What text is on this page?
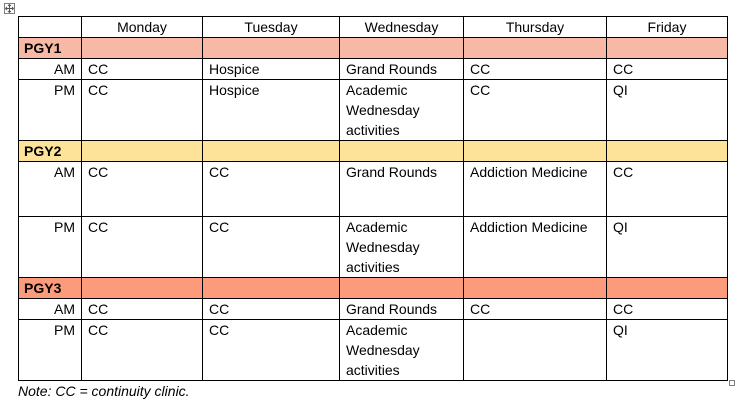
	Monday	Tuesday	Wednesday	Thursday	Friday
PGY1					
AM	CC	Hospice	Grand Rounds	CC	CC
PM	CC	Hospice	Academic Wednesday activities	CC	QI
PGY2					
AM	CC	CC	Grand Rounds	Addiction Medicine	CC
PM	CC	CC	Academic Wednesday activities	Addiction Medicine	QI
PGY3					
AM	CC	CC	Grand Rounds	CC	CC
PM	CC	CC	Academic Wednesday activities		QI
Note: CC = continuity clinic.
